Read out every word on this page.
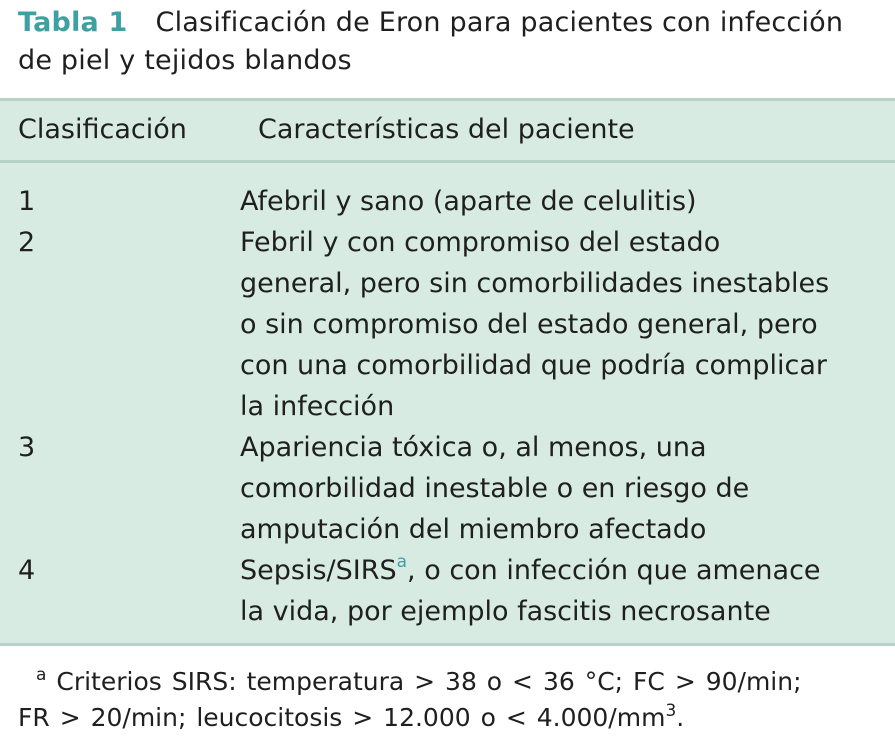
Tabla 1 Clasificación de Eron para pacientes con infección
de piel y tejidos blandos
Clasificación	Características del paciente
1	Afebril y sano (aparte de celulitis)
2	Febril y con compromiso del estado
general, pero sin comorbilidades inestables
o sin compromiso del estado general, pero
con una comorbilidad que podría complicar
la infección
3	Apariencia tóxica o, al menos, una
comorbilidad inestable o en riesgo de
amputación del miembro afectado
4	Sepsis/SIRS$^a$, o con infección que amenace
la vida, por ejemplo fascitis necrosante
$^a$ Criterios SIRS: temperatura > 38 o < 36 °C; FC > 90/min;
FR > 20/min; leucocitosis > 12.000 $o < 4.000/mm^3$.
